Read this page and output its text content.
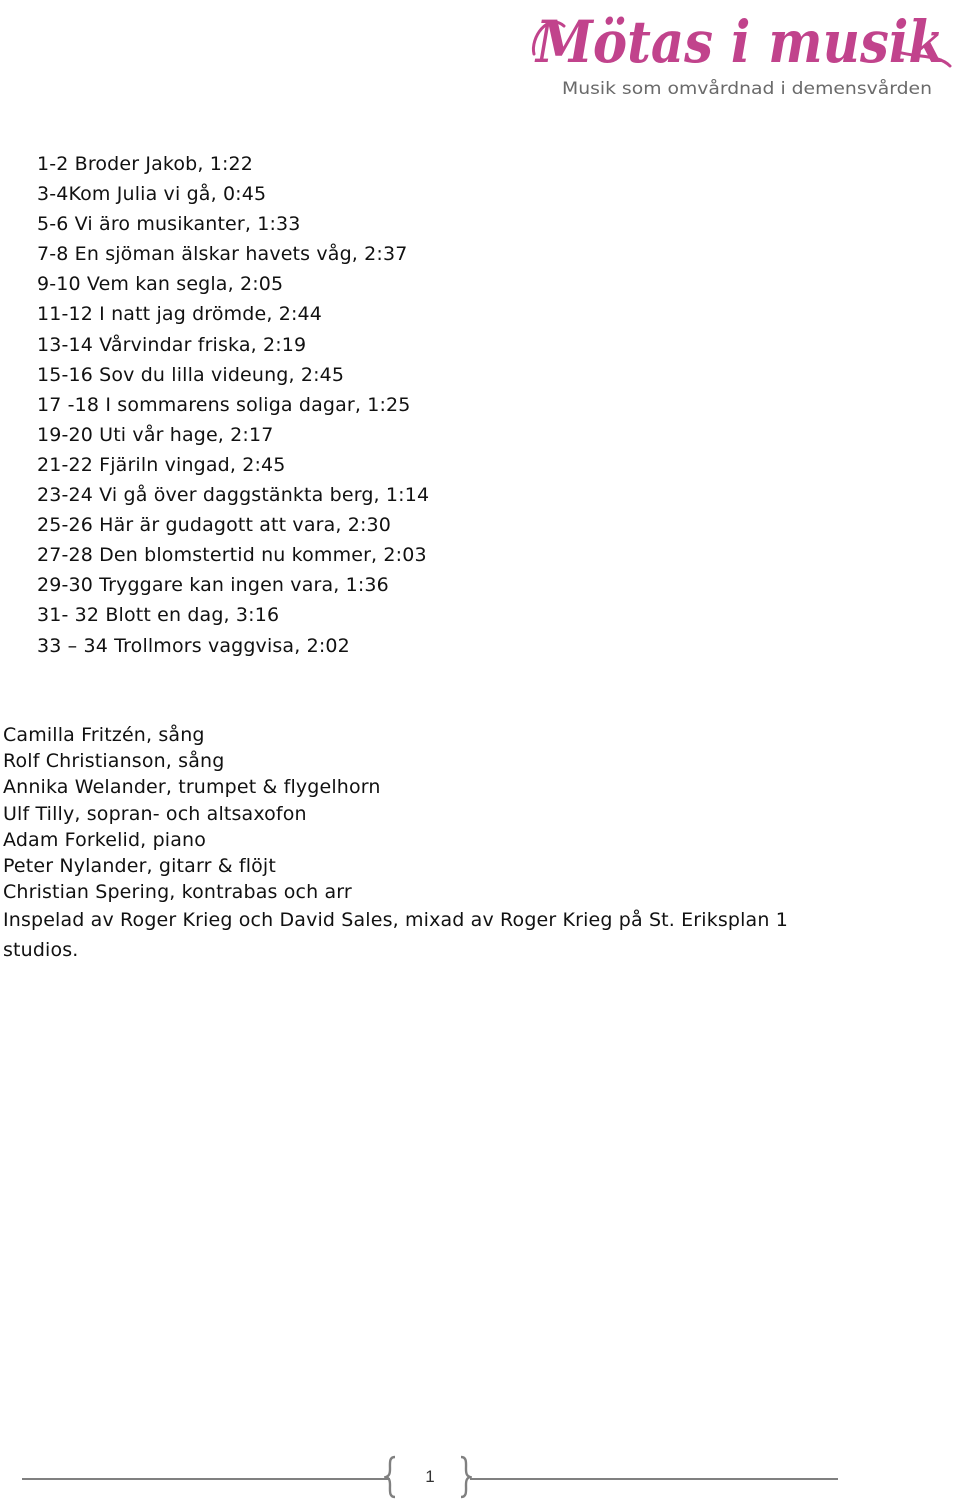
Mötas i musik
Musik som omvårdnad i demensvården
1-2 Broder Jakob, 1:22
3-4Kom Julia vi gå, 0:45
5-6 Vi äro musikanter, 1:33
7-8 En sjöman älskar havets våg, 2:37
9-10 Vem kan segla, 2:05
11-12 I natt jag drömde, 2:44
13-14 Vårvindar friska, 2:19
15-16 Sov du lilla videung, 2:45
17 -18 I sommarens soliga dagar, 1:25
19-20 Uti vår hage, 2:17
21-22 Fjäriln vingad, 2:45
23-24 Vi gå över daggstänkta berg, 1:14
25-26 Här är gudagott att vara, 2:30
27-28 Den blomstertid nu kommer, 2:03
29-30 Tryggare kan ingen vara, 1:36
31- 32 Blott en dag, 3:16
33 – 34 Trollmors vaggvisa, 2:02
Camilla Fritzén, sång
Rolf Christianson, sång
Annika Welander, trumpet & flygelhorn
Ulf Tilly, sopran- och altsaxofon
Adam Forkelid, piano
Peter Nylander, gitarr & flöjt
Christian Spering, kontrabas och arr
Inspelad av Roger Krieg och David Sales, mixad av Roger Krieg på St. Eriksplan 1 studios.
1
